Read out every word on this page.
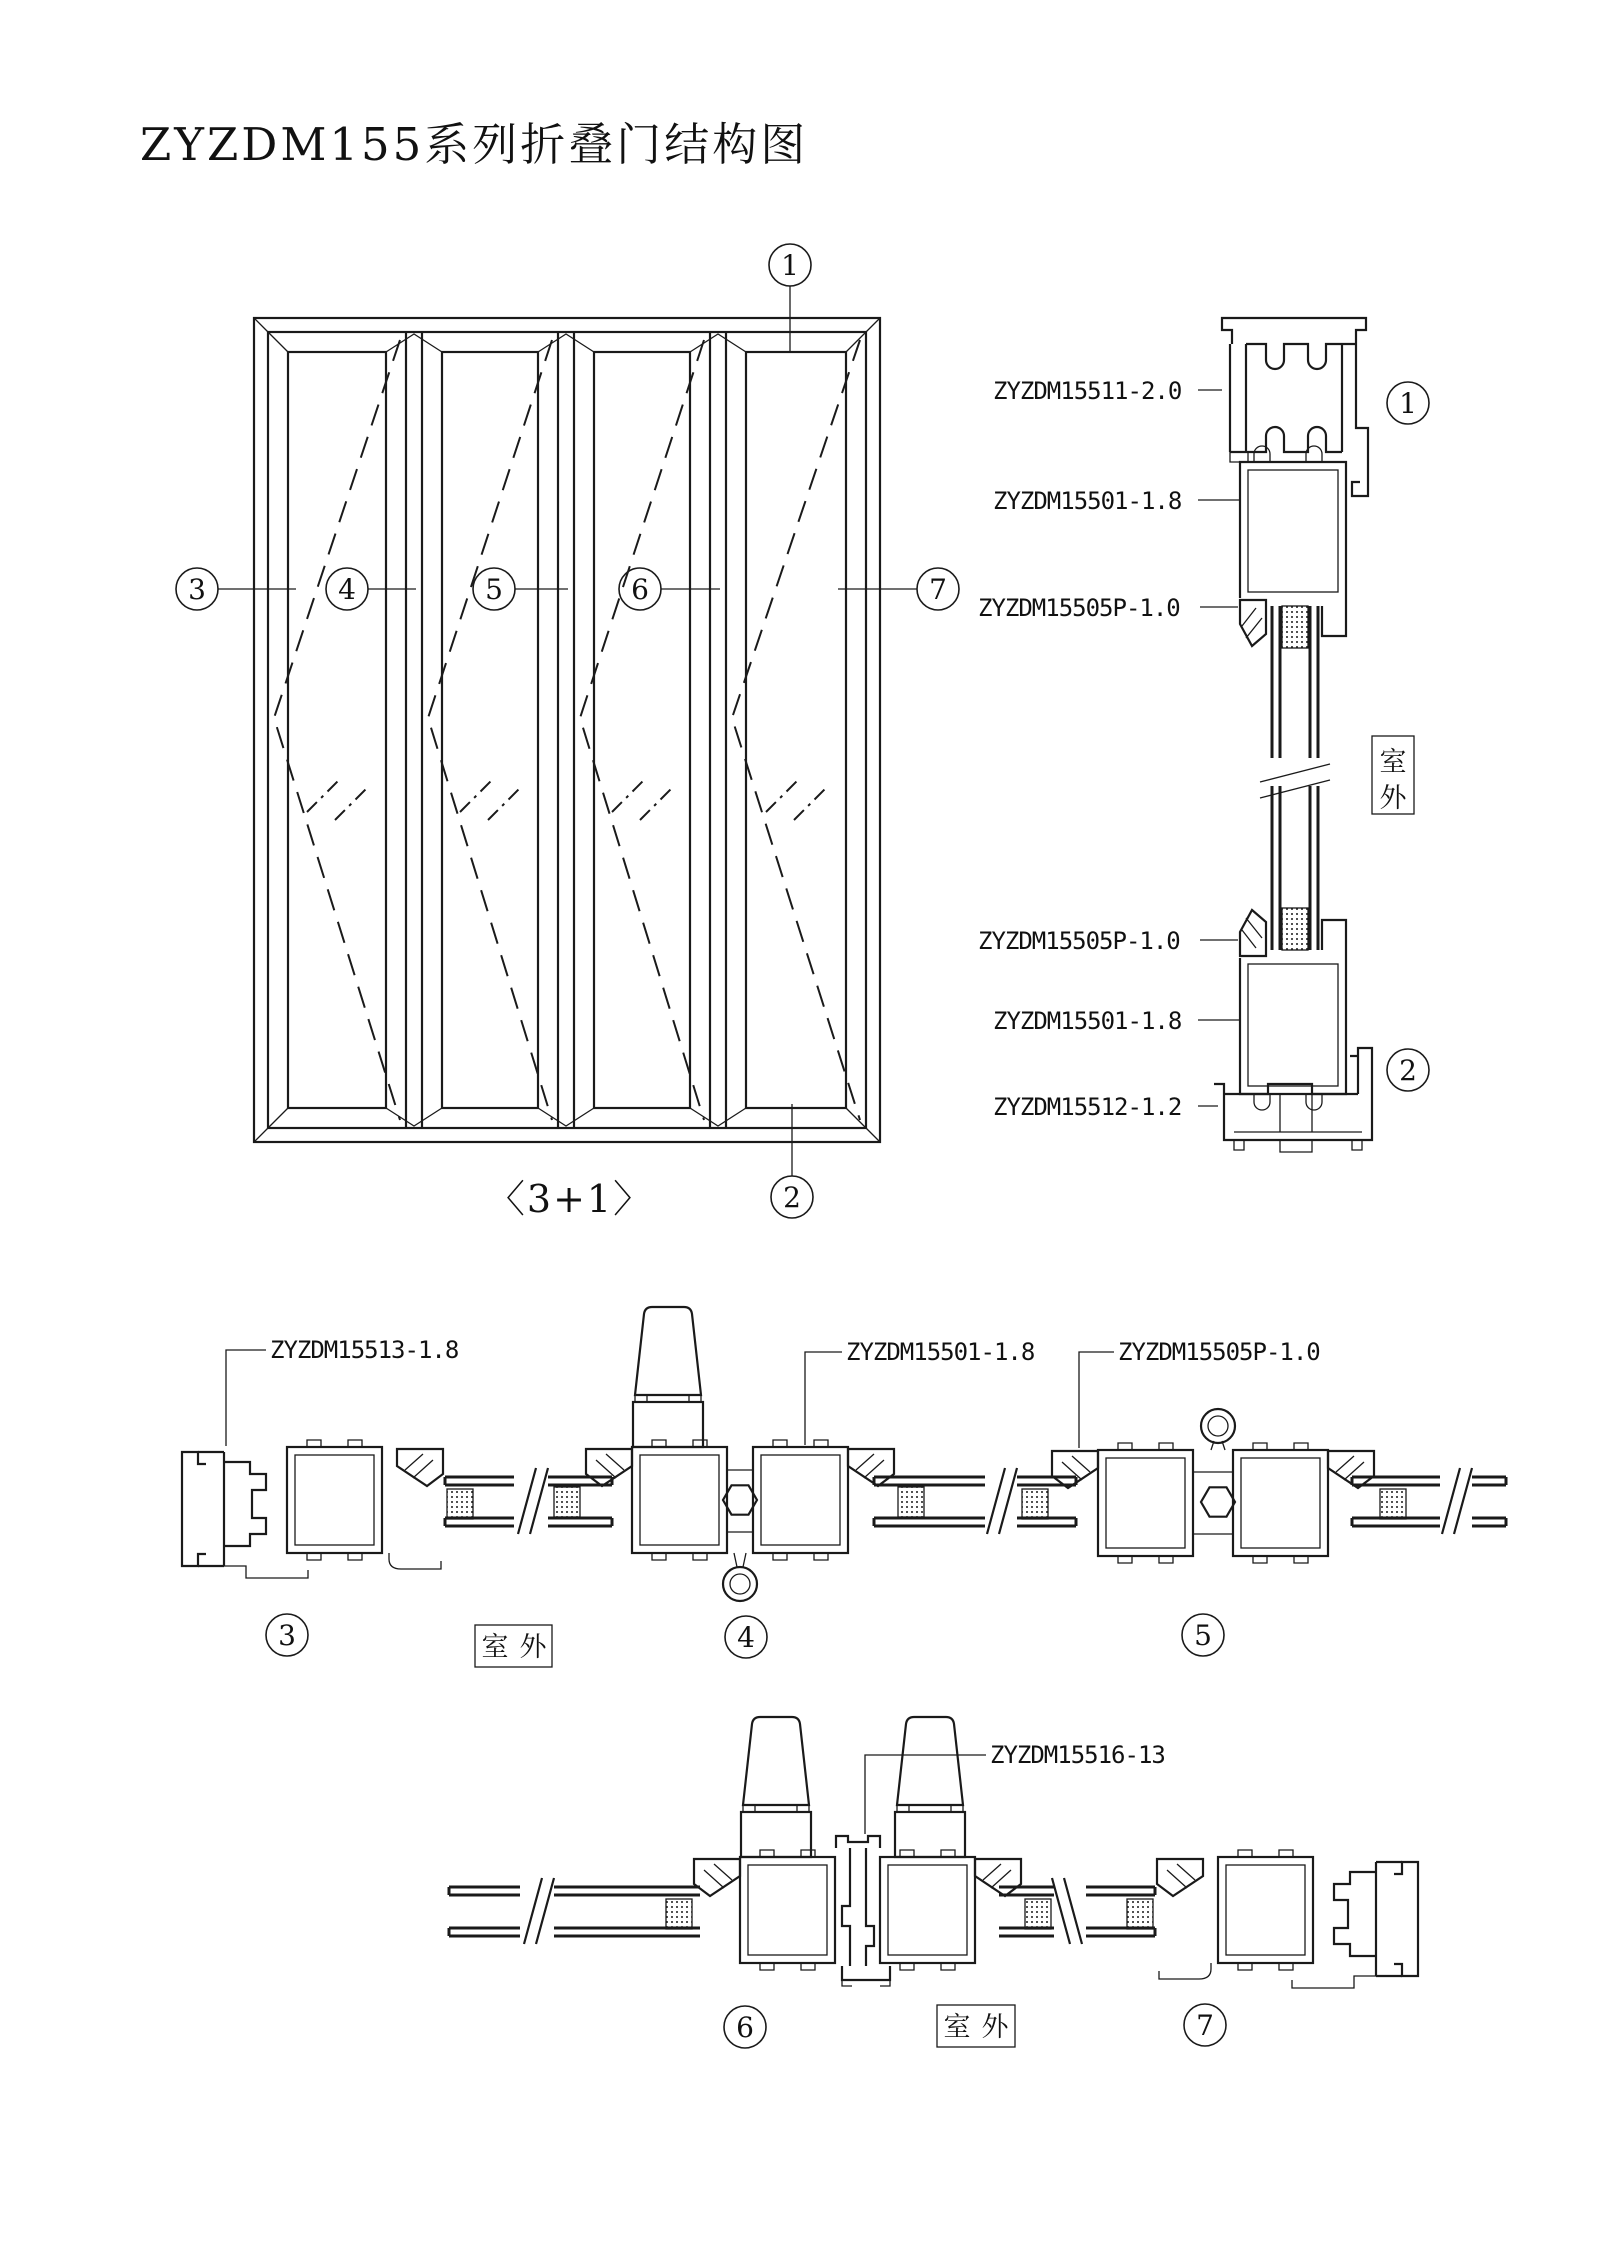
ZYZDM155系列折叠门结构图
1
2
3	4	5	6	7
〈3+1〉
室
外
ZYZDM15511-2.0
ZYZDM15501-1.8
ZYZDM15505P-1.0
ZYZDM15505P-1.0
ZYZDM15501-1.8
ZYZDM15512-1.2
1
2
ZYZDM15513-1.8	ZYZDM15501-1.8	ZYZDM15505P-1.0
3	室 外	4	5
ZYZDM15516-13
6	室 外	7
